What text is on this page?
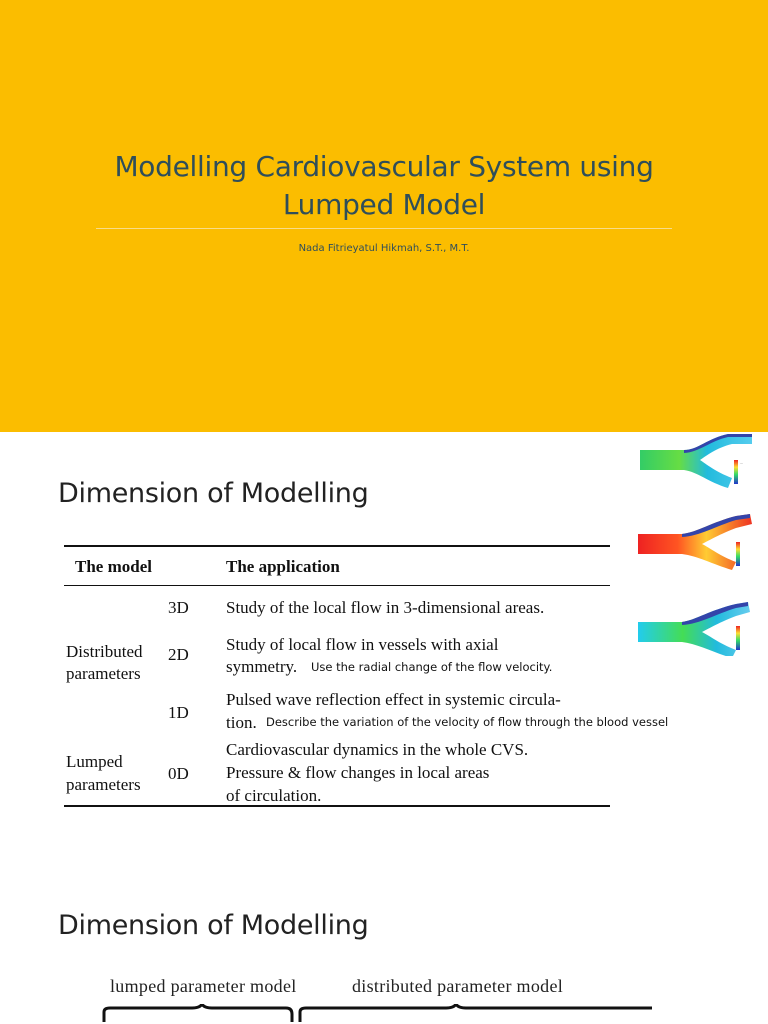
Modelling Cardiovascular System using
Lumped Model
Nada Fitrieyatul Hikmah, S.T., M.T.
Dimension of Modelling
The model	The application
3D Study of the local flow in 3-dimensional areas.
Distributed
parameters
2D
Study of local flow in vessels with axial
symmetry. Use the radial change of the flow velocity.
1D
Pulsed wave reflection effect in systemic circula-
tion. Describe the variation of the velocity of flow through the blood vessel
Lumped
parameters
0D
Cardiovascular dynamics in the whole CVS.
Pressure & flow changes in local areas
of circulation.
—
Dimension of Modelling
lumped parameter model	distributed parameter model
